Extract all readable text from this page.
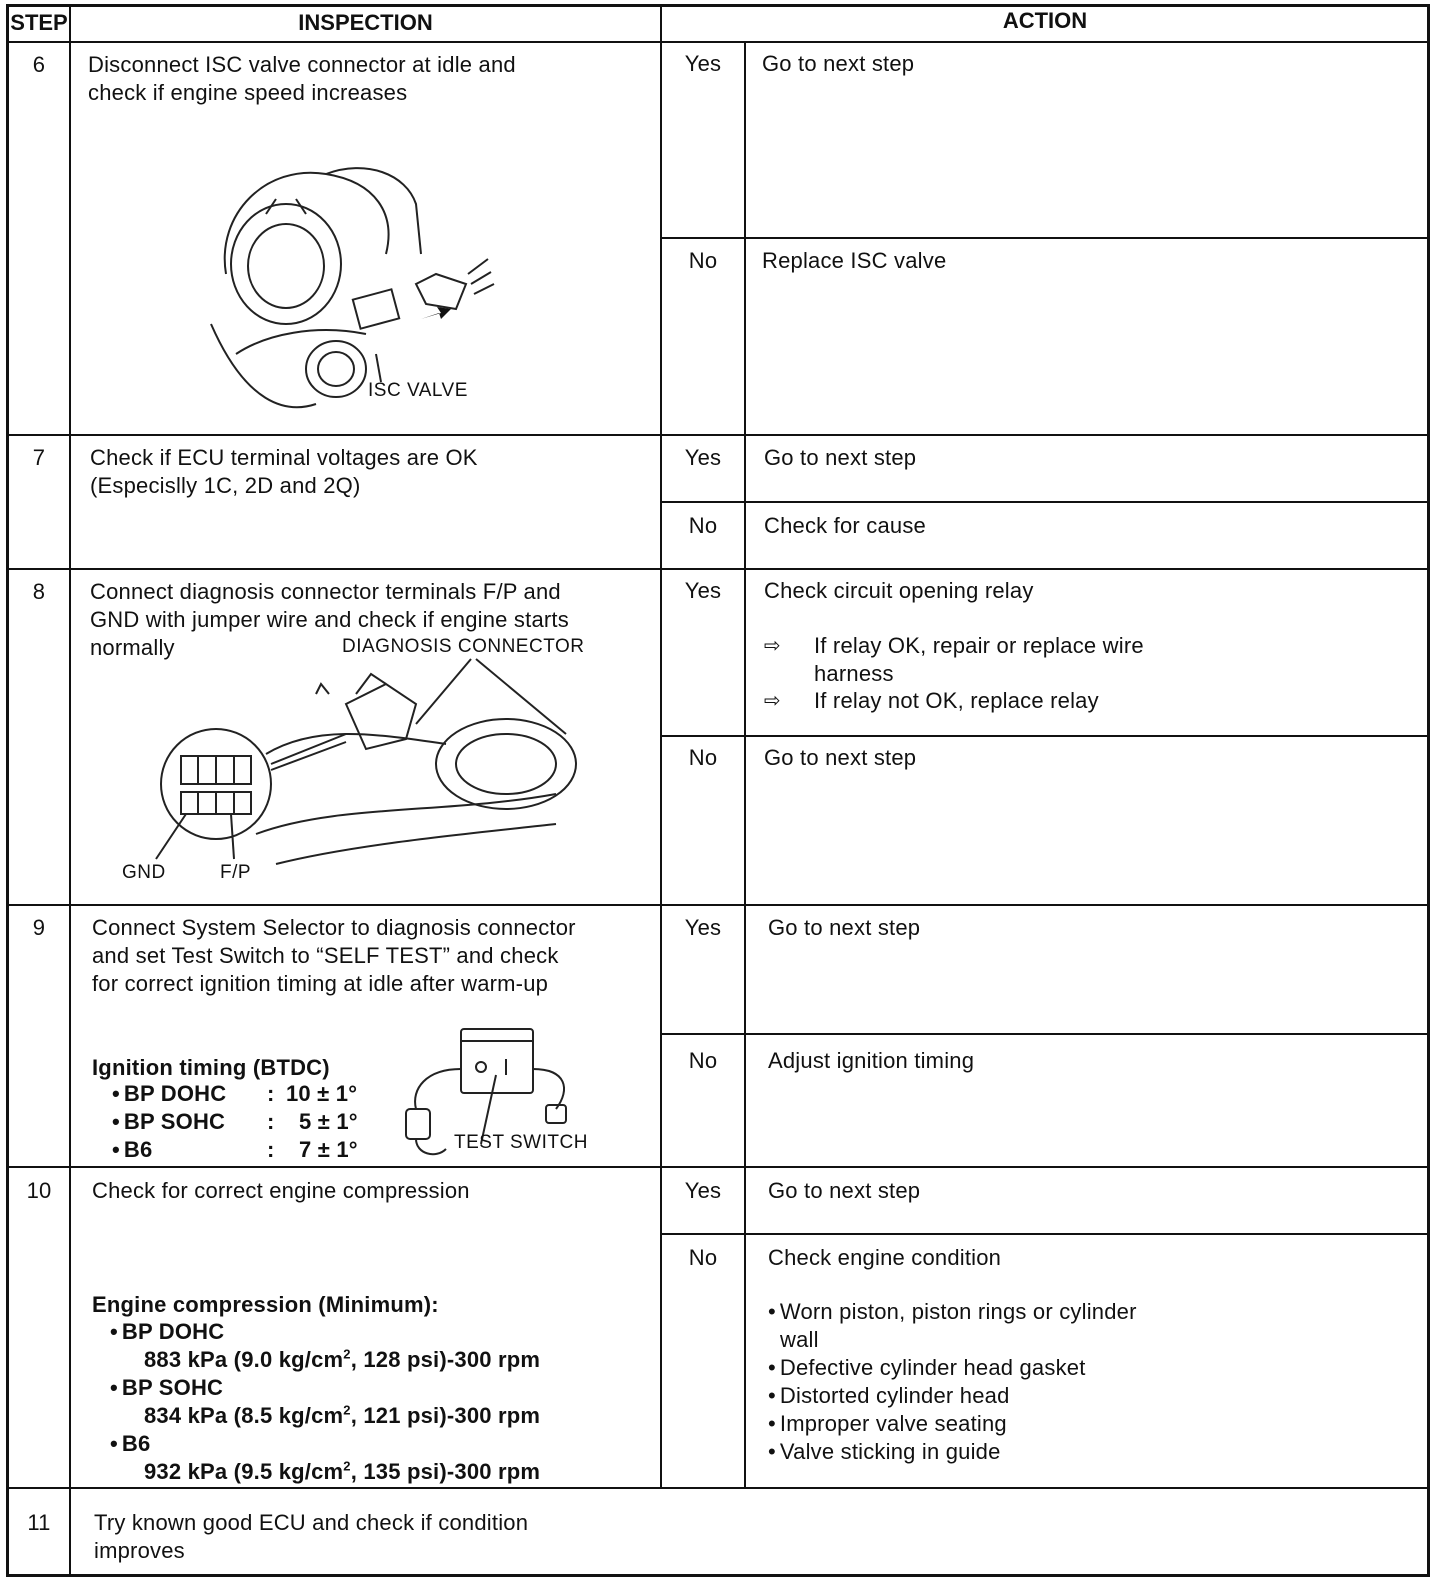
STEP	INSPECTION	ACTION
6	Disconnect ISC valve connector at idle and
check if engine speed increases
ISC VALVE
Yes	Go to next step
No	Replace ISC valve
7	Check if ECU terminal voltages are OK
(Especislly 1C, 2D and 2Q)
Yes	Go to next step
No	Check for cause
8	Connect diagnosis connector terminals F/P and
GND with jumper wire and check if engine starts
normally	DIAGNOSIS CONNECTOR
GND	F/P
Yes	Check circuit opening relay
⇨ If relay OK, repair or replace wire
harness
⇨ If relay not OK, replace relay
No	Go to next step
9	Connect System Selector to diagnosis connector
and set Test Switch to “SELF TEST” and check
for correct ignition timing at idle after warm-up
Ignition timing (BTDC)
• BP DOHC : 10 ± 1°
• BP SOHC : 5 ± 1°
• B6	: 7 ± 1°	TEST SWITCH
Yes	Go to next step
No	Adjust ignition timing
10	Check for correct engine compression
Engine compression (Minimum):
• BP DOHC
883 kPa (9.0 $kg/cm^2$, 128 psi)-300 rpm
• BP SOHC
834 kPa (8.5 $kg/cm^2$, 121 psi)-300 rpm
• B6
932 kPa (9.5 $kg/cm^2$, 135 psi)-300 rpm
Yes	Go to next step
No	Check engine condition
• Worn piston, piston rings or cylinder
wall
• Defective cylinder head gasket
• Distorted cylinder head
• Improper valve seating
• Valve sticking in guide
11	Try known good ECU and check if condition
improves
